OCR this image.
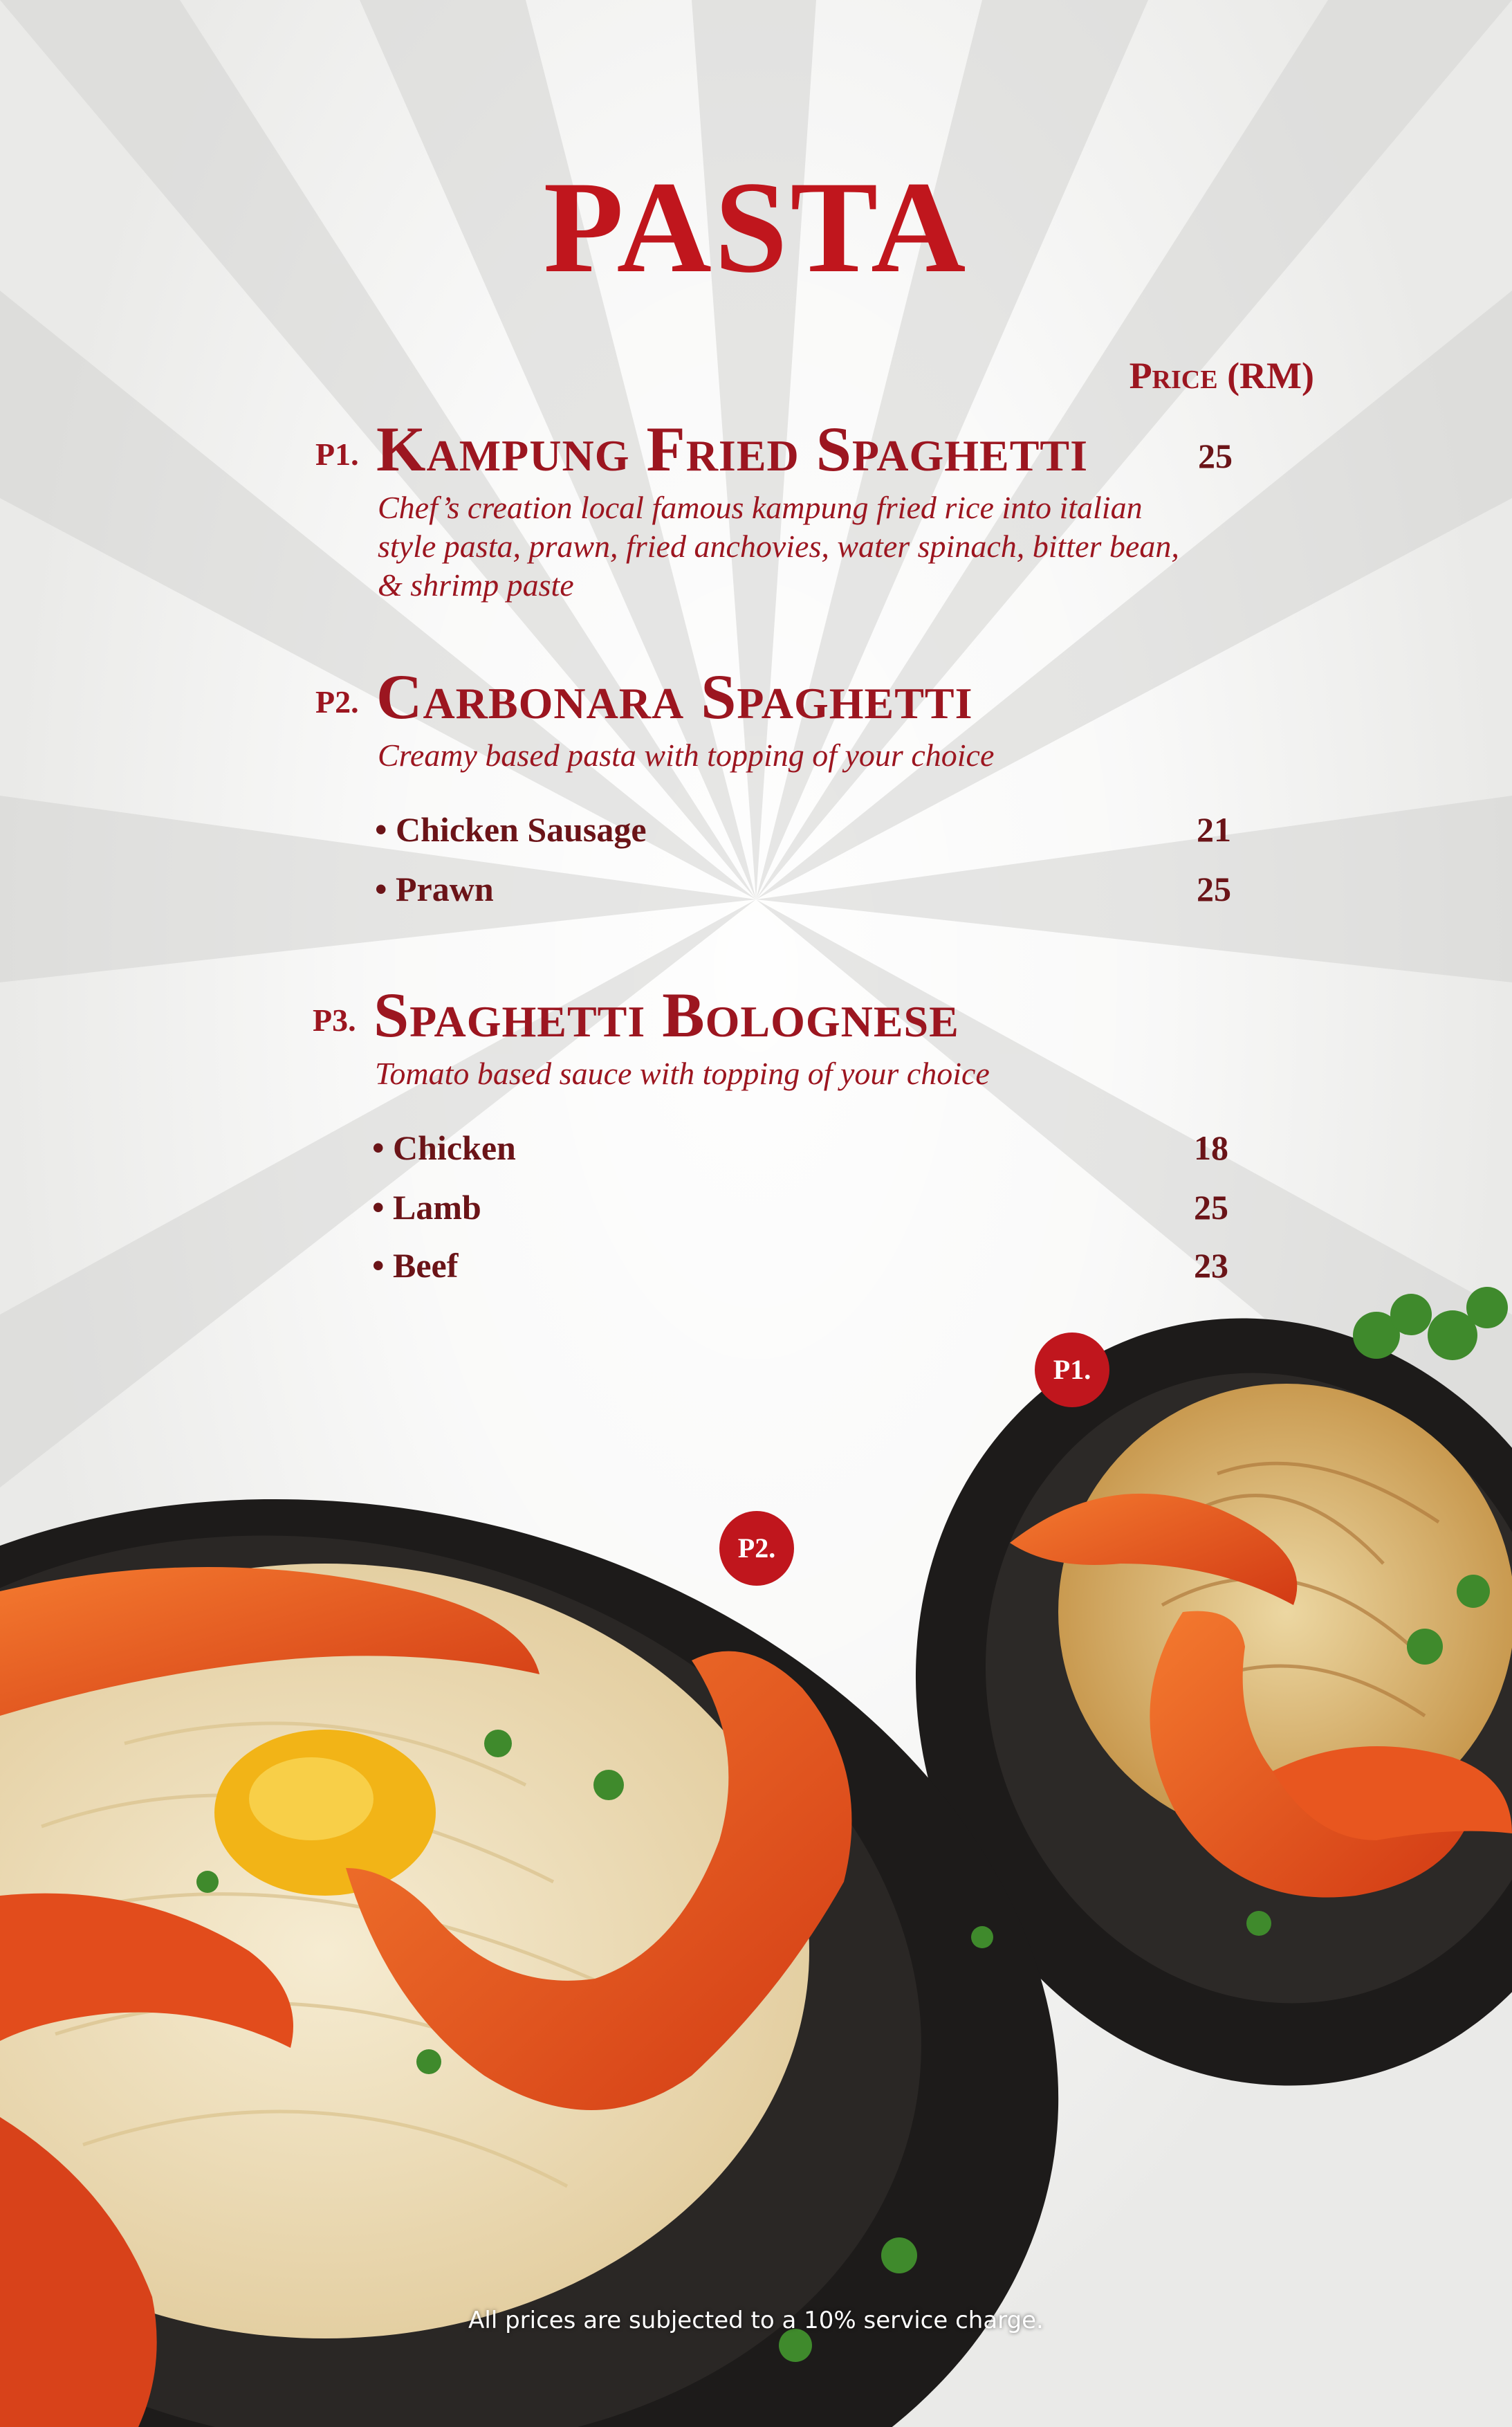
PASTA
Price (RM)
P1. Kampung Fried Spaghetti	25
Chef’s creation local famous kampung fried rice into italian
style pasta, prawn, fried anchovies, water spinach, bitter bean,
& shrimp paste
P2. Carbonara Spaghetti
Creamy based pasta with topping of your choice
• Chicken Sausage	21
• Prawn	25
P3. Spaghetti Bolognese
Tomato based sauce with topping of your choice
• Chicken	18
• Lamb	25
• Beef	23
P1.
P2.
All prices are subjected to a 10% service charge.
